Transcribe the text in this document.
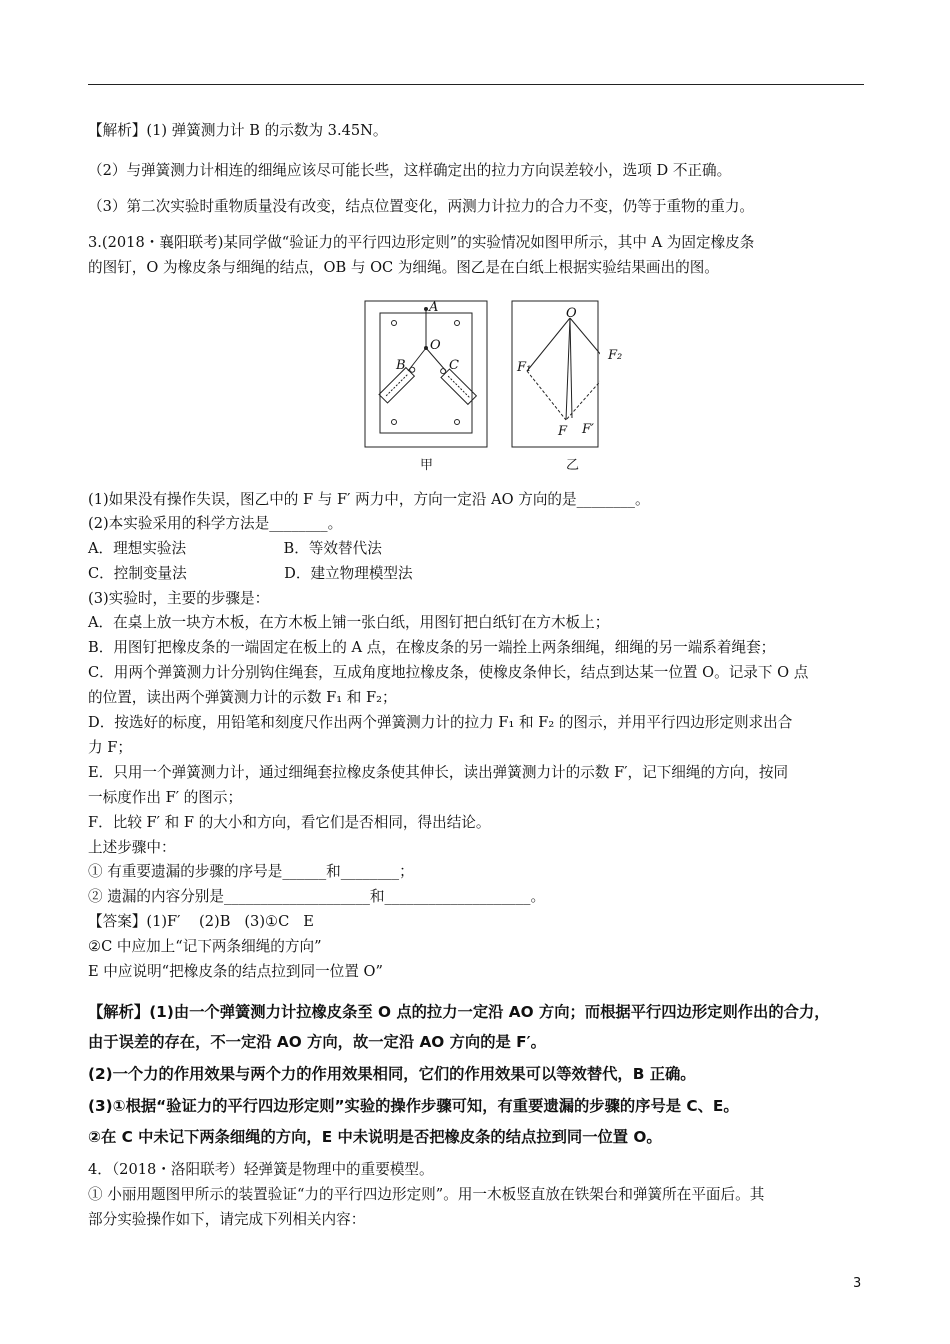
【解析】(1) 弹簧测力计 B 的示数为 3.45N。
（2）与弹簧测力计相连的细绳应该尽可能长些，这样确定出的拉力方向误差较小，选项 D 不正确。
（3）第二次实验时重物质量没有改变，结点位置变化，两测力计拉力的合力不变，仍等于重物的重力。
3.(2018・襄阳联考)某同学做“验证力的平行四边形定则”的实验情况如图甲所示，其中 A 为固定橡皮条
的图钉，O 为橡皮条与细绳的结点，OB 与 OC 为细绳。图乙是在白纸上根据实验结果画出的图。
(1)如果没有操作失误，图乙中的 F 与 F′ 两力中，方向一定沿 AO 方向的是________。
(2)本实验采用的科学方法是________。
A．理想实验法                     B．等效替代法
C．控制变量法                     D．建立物理模型法
(3)实验时，主要的步骤是：
A．在桌上放一块方木板，在方木板上铺一张白纸，用图钉把白纸钉在方木板上；
B．用图钉把橡皮条的一端固定在板上的 A 点，在橡皮条的另一端拴上两条细绳，细绳的另一端系着绳套；
C．用两个弹簧测力计分别钩住绳套，互成角度地拉橡皮条，使橡皮条伸长，结点到达某一位置 O。记录下 O 点
的位置，读出两个弹簧测力计的示数 F₁ 和 F₂；
D．按选好的标度，用铅笔和刻度尺作出两个弹簧测力计的拉力 F₁ 和 F₂ 的图示，并用平行四边形定则求出合
力 F；
E．只用一个弹簧测力计，通过细绳套拉橡皮条使其伸长，读出弹簧测力计的示数 F′，记下细绳的方向，按同
一标度作出 F′ 的图示；
F．比较 F′ 和 F 的大小和方向，看它们是否相同，得出结论。
上述步骤中：
① 有重要遗漏的步骤的序号是______和________；
② 遗漏的内容分别是____________________和____________________。
【答案】(1)F′    (2)B   (3)①C   E
②C 中应加上“记下两条细绳的方向”
E 中应说明“把橡皮条的结点拉到同一位置 O”
【解析】(1)由一个弹簧测力计拉橡皮条至 O 点的拉力一定沿 AO 方向；而根据平行四边形定则作出的合力，
由于误差的存在，不一定沿 AO 方向，故一定沿 AO 方向的是 F′。
(2)一个力的作用效果与两个力的作用效果相同，它们的作用效果可以等效替代，B 正确。
(3)①根据“验证力的平行四边形定则”实验的操作步骤可知，有重要遗漏的步骤的序号是 C、E。
②在 C 中未记下两条细绳的方向，E 中未说明是否把橡皮条的结点拉到同一位置 O。
4．（2018・洛阳联考）轻弹簧是物理中的重要模型。
① 小丽用题图甲所示的装置验证“力的平行四边形定则”。用一木板竖直放在铁架台和弹簧所在平面后。其
部分实验操作如下，请完成下列相关内容：
A
O
B	C
O
F₁
F₂
F F′
甲	乙
3
